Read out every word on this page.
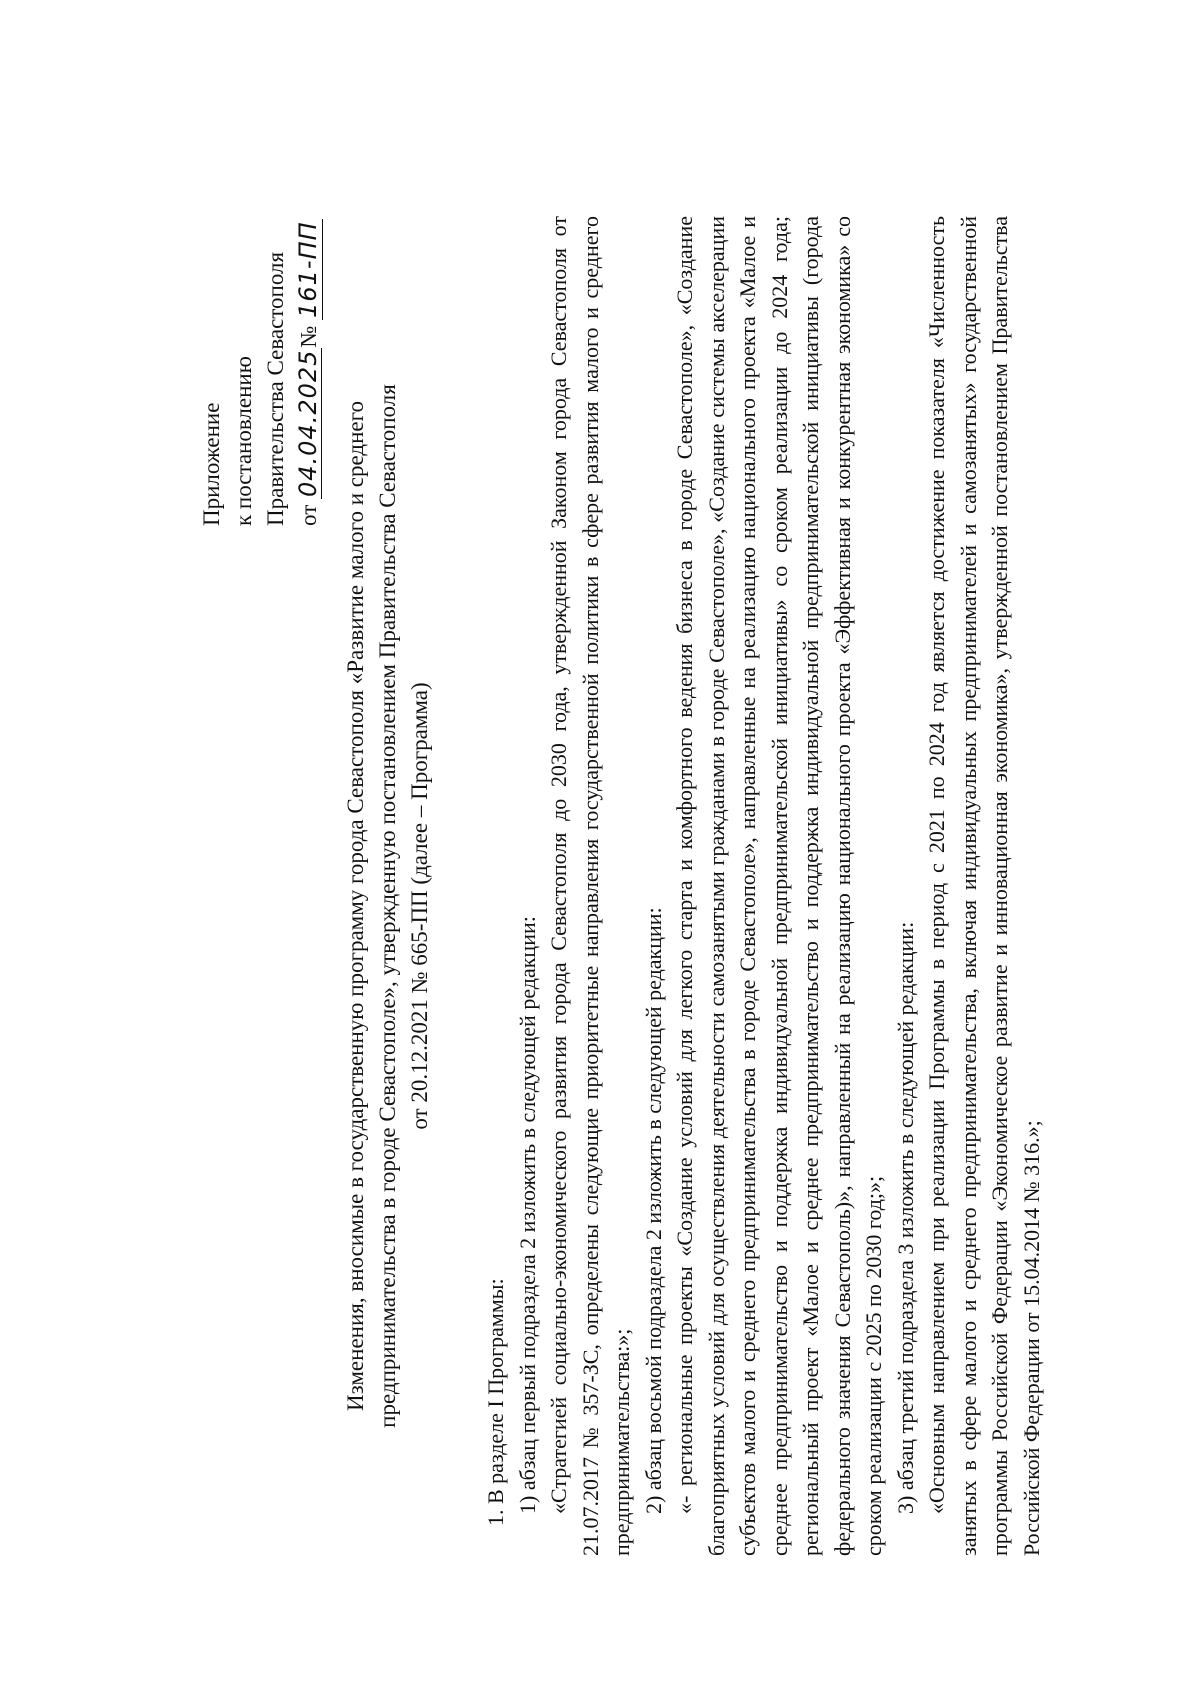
Приложение к постановлению Правительства Севастополя от 04.04.2025№ 161-ПП
Изменения, вносимые в государственную программу города Севастополя «Развитие малого и среднего предпринимательства в городе Севастополе», утвержденную постановлением Правительства Севастополя от 20.12.2021 № 665-ПП (далее – Программа)

1. В разделе I Программы: 1) абзац первый подраздела 2 изложить в следующей редакции: «Стратегией социально-экономического развития города Севастополя до 2030 года, утвержденной Законом города Севастополя от 21.07.2017 № 357-ЗС, определены следующие приоритетные направления государственной политики в сфере развития малого и среднего предпринимательства:»; 2) абзац восьмой подраздела 2 изложить в следующей редакции: «- региональные проекты «Создание условий для легкого старта и комфортного ведения бизнеса в городе Севастополе», «Создание благоприятных условий для осуществления деятельности самозанятыми гражданами в городе Севастополе», «Создание системы акселерации субъектов малого и среднего предпринимательства в городе Севастополе», направленные на реализацию национального проекта «Малое и среднее предпринимательство и поддержка индивидуальной предпринимательской инициативы» со сроком реализации до 2024 года; региональный проект «Малое и среднее предпринимательство и поддержка индивидуальной предпринимательской инициативы (города федерального значения Севастополь)», направленный на реализацию национального проекта «Эффективная и конкурентная экономика» со сроком реализации с 2025 по 2030 год;»; 3) абзац третий подраздела 3 изложить в следующей редакции: «Основным направлением при реализации Программы в период с 2021 по 2024 год является достижение показателя «Численность занятых в сфере малого и среднего предпринимательства, включая индивидуальных предпринимателей и самозанятых» государственной программы Российской Федерации «Экономическое развитие и инновационная экономика», утвержденной постановлением Правительства Российской Федерации от 15.04.2014 № 316.»;
